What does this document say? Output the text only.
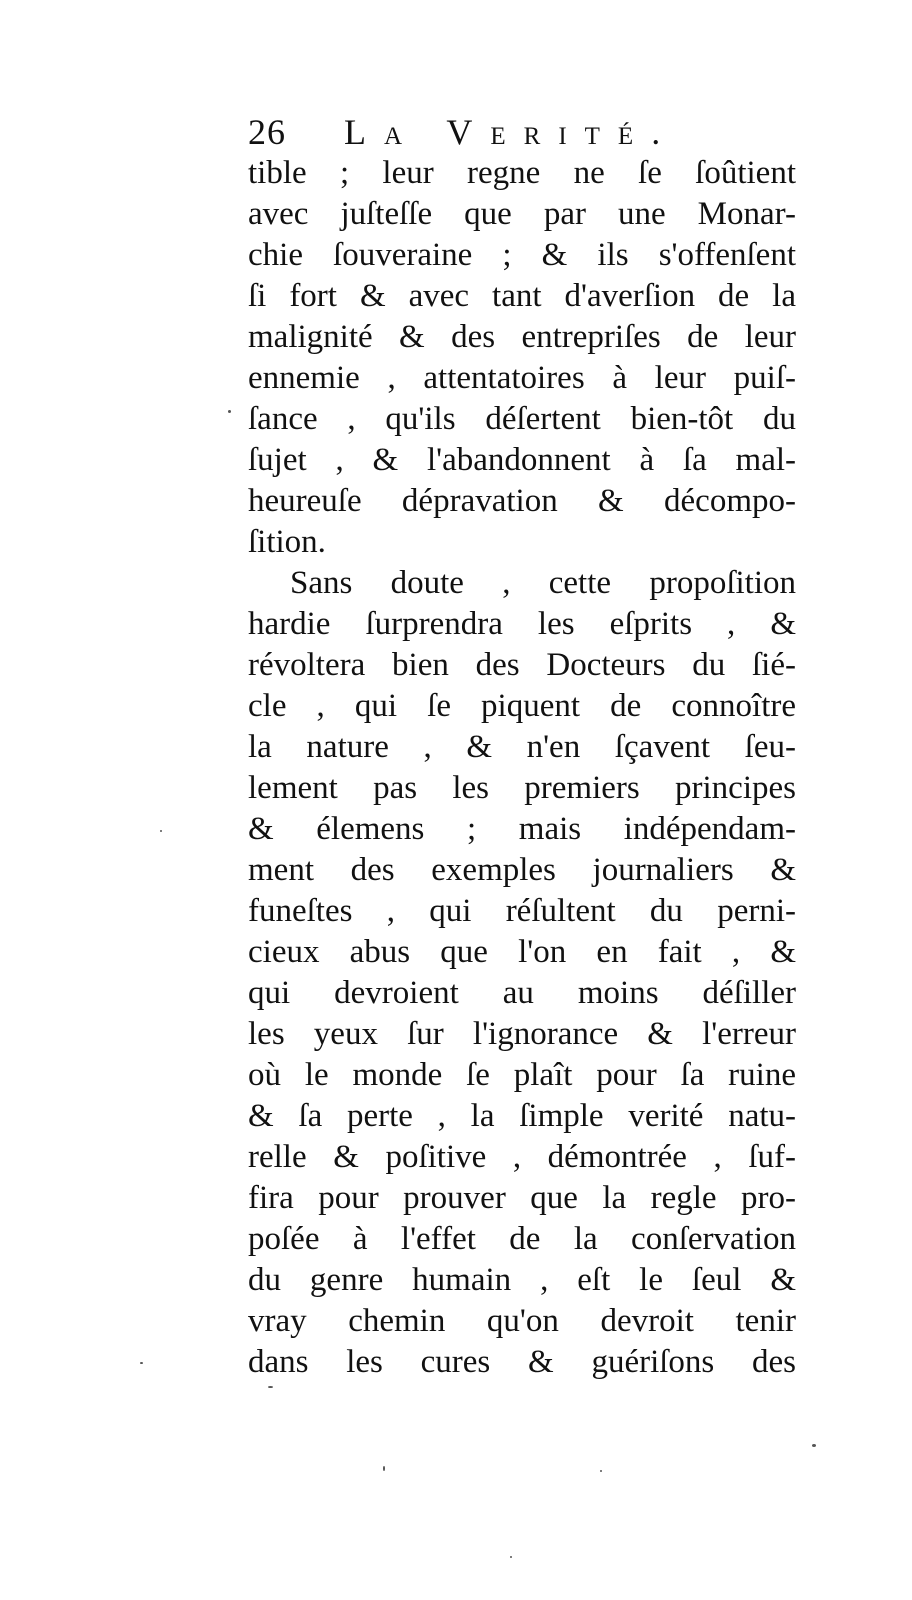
26 La Verité.
tible ; leur regne ne ſe ſoûtient
avec juſteſſe que par une Monar-
chie ſouveraine ; & ils s'offenſent
ſi fort & avec tant d'averſion de la
malignité & des entrepriſes de leur
ennemie , attentatoires à leur puiſ-
ſance , qu'ils déſertent bien-tôt du
ſujet , & l'abandonnent à ſa mal-
heureuſe dépravation & décompo-
ſition.
Sans doute , cette propoſition
hardie ſurprendra les eſprits , &
révoltera bien des Docteurs du ſié-
cle , qui ſe piquent de connoître
la nature , & n'en ſçavent ſeu-
lement pas les premiers principes
& élemens ; mais indépendam-
ment des exemples journaliers &
funeſtes , qui réſultent du perni-
cieux abus que l'on en fait , &
qui devroient au moins déſiller
les yeux ſur l'ignorance & l'erreur
où le monde ſe plaît pour ſa ruine
& ſa perte , la ſimple verité natu-
relle & poſitive , démontrée , ſuf-
fira pour prouver que la regle pro-
poſée à l'effet de la conſervation
du genre humain , eſt le ſeul &
vray chemin qu'on devroit tenir
dans les cures & guériſons des
